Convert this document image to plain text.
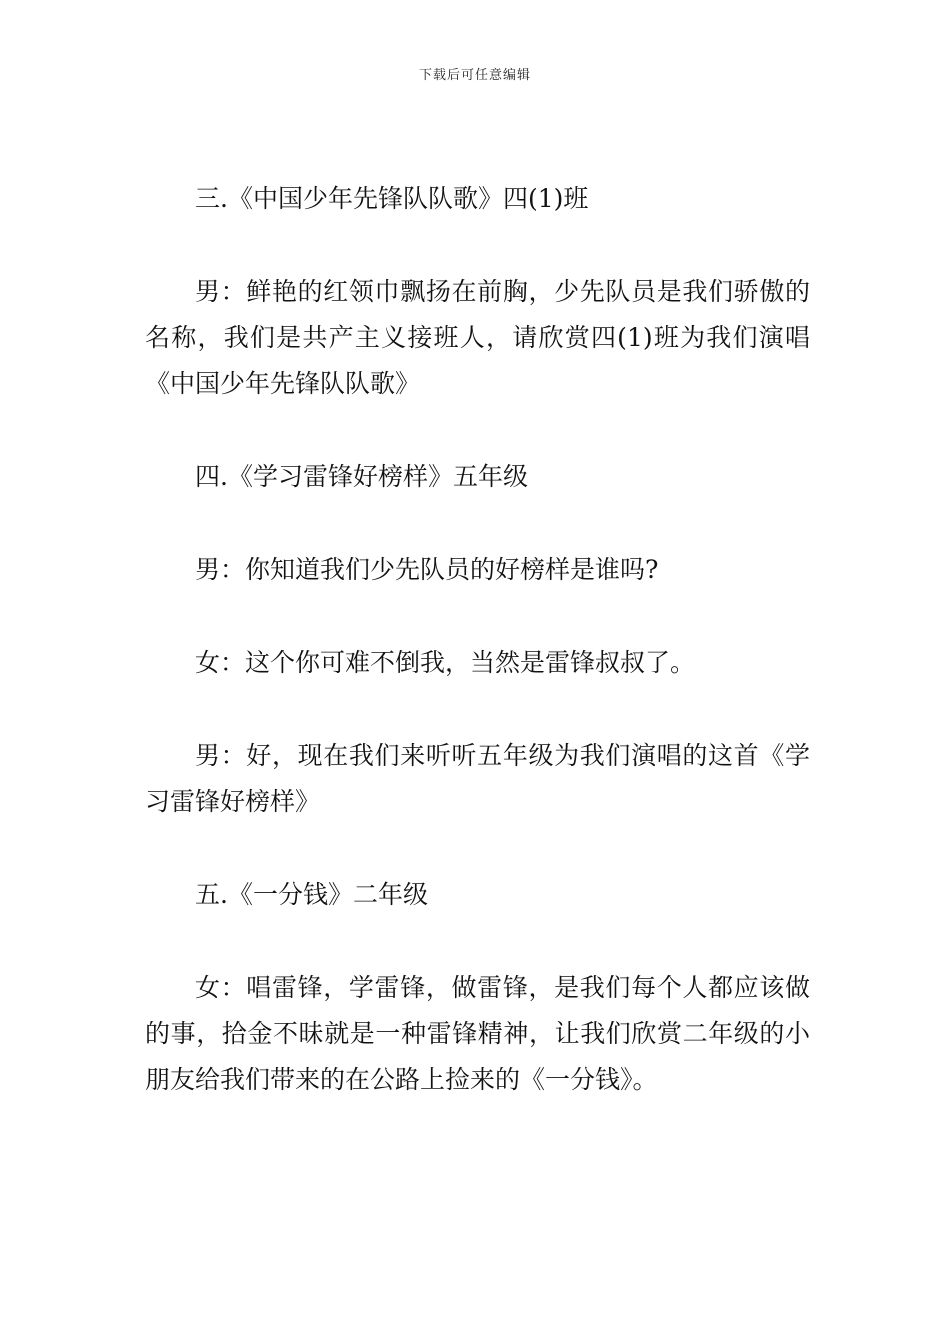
下载后可任意编辑

三.《中国少年先锋队队歌》四(1)班

男：鲜艳的红领巾飘扬在前胸，少先队员是我们骄傲的名称，我们是共产主义接班人，请欣赏四(1)班为我们演唱《中国少年先锋队队歌》

四.《学习雷锋好榜样》五年级

男：你知道我们少先队员的好榜样是谁吗?

女：这个你可难不倒我，当然是雷锋叔叔了。

男：好，现在我们来听听五年级为我们演唱的这首《学习雷锋好榜样》

五.《一分钱》二年级

女：唱雷锋，学雷锋，做雷锋，是我们每个人都应该做的事，拾金不昧就是一种雷锋精神，让我们欣赏二年级的小朋友给我们带来的在公路上捡来的《一分钱》。
